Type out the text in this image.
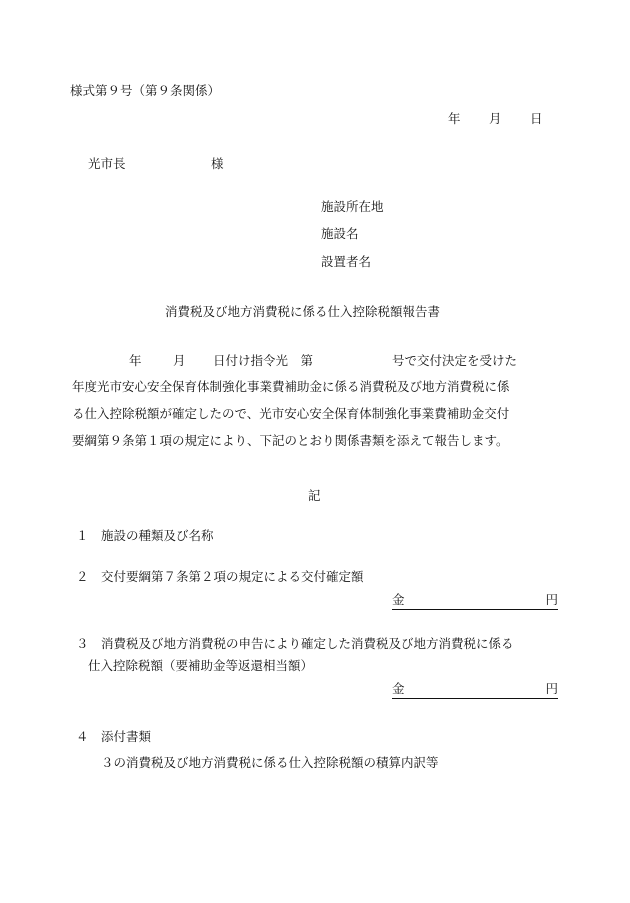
様式第９号（第９条関係）
年 月 日
光市長	様
施設所在地
施設名
設置者名
消費税及び地方消費税に係る仕入控除税額報告書
年	月 日付け指令光　第	号で交付決定を受けた
年度光市安心安全保育体制強化事業費補助金に係る消費税及び地方消費税に係
る仕入控除税額が確定したので、光市安心安全保育体制強化事業費補助金交付
要綱第９条第１項の規定により、下記のとおり関係書類を添えて報告します。
記
１ 施設の種類及び名称
２ 交付要綱第７条第２項の規定による交付確定額
金	円
３ 消費税及び地方消費税の申告により確定した消費税及び地方消費税に係る
仕入控除税額（要補助金等返還相当額）
金	円
４ 添付書類
３の消費税及び地方消費税に係る仕入控除税額の積算内訳等
